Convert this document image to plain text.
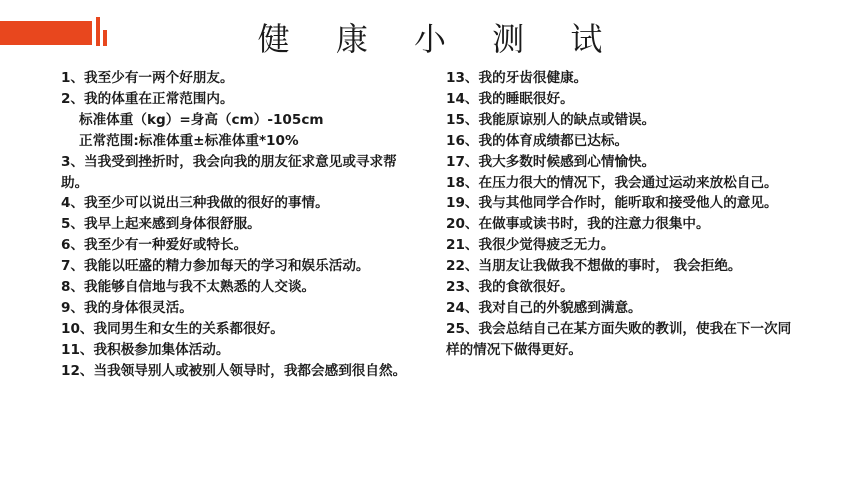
健 康 小 测 试

1、我至少有一两个好朋友。

2、我的体重在正常范围内。

标准体重（kg）=身高（cm）-105cm

正常范围:标准体重±标准体重*10%

3、当我受到挫折时，我会向我的朋友征求意见或寻求帮助。

4、我至少可以说出三种我做的很好的事情。

5、我早上起来感到身体很舒服。

6、我至少有一种爱好或特长。

7、我能以旺盛的精力参加每天的学习和娱乐活动。

8、我能够自信地与我不太熟悉的人交谈。

9、我的身体很灵活。

10、我同男生和女生的关系都很好。

11、我积极参加集体活动。

12、当我领导别人或被别人领导时，我都会感到很自然。

13、我的牙齿很健康。

14、我的睡眠很好。

15、我能原谅别人的缺点或错误。

16、我的体育成绩都已达标。

17、我大多数时候感到心情愉快。

18、在压力很大的情况下，我会通过运动来放松自己。

19、我与其他同学合作时，能听取和接受他人的意见。

20、在做事或读书时，我的注意力很集中。

21、我很少觉得疲乏无力。

22、当朋友让我做我不想做的事时， 我会拒绝。

23、我的食欲很好。

24、我对自己的外貌感到满意。

25、我会总结自己在某方面失败的教训，使我在下一次同样的情况下做得更好。
